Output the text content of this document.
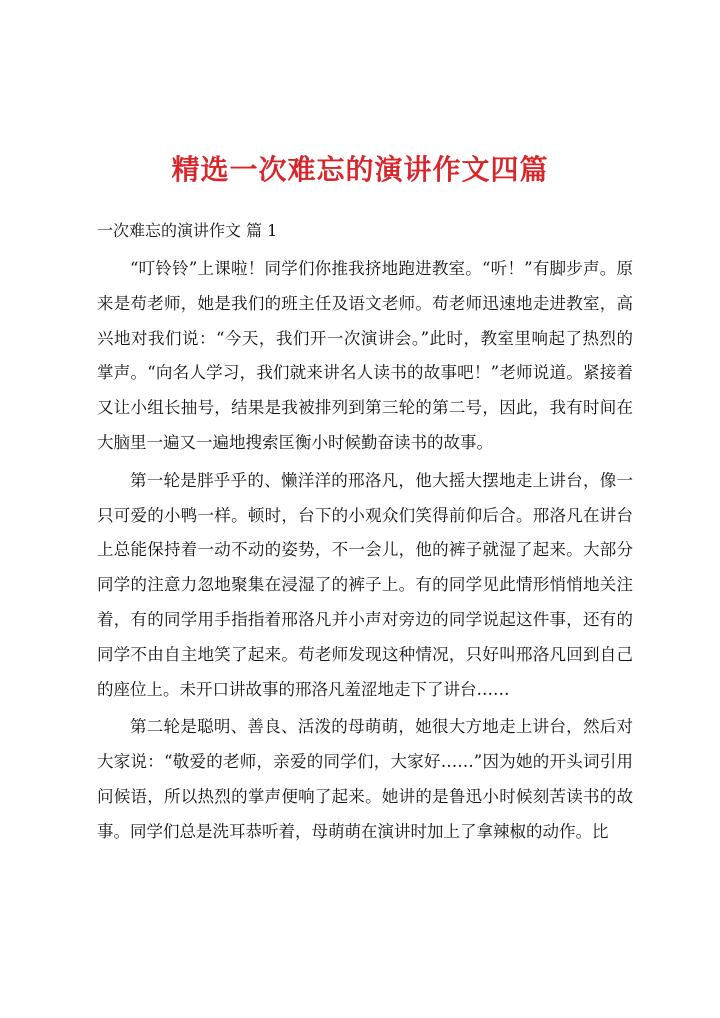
精选一次难忘的演讲作文四篇
一次难忘的演讲作文 篇 1

“叮铃铃”上课啦！同学们你推我挤地跑进教室。“听！”有脚步声。原来是苟老师，她是我们的班主任及语文老师。苟老师迅速地走进教室，高兴地对我们说：“今天，我们开一次演讲会。”此时，教室里响起了热烈的掌声。“向名人学习，我们就来讲名人读书的故事吧！”老师说道。紧接着又让小组长抽号，结果是我被排列到第三轮的第二号，因此，我有时间在大脑里一遍又一遍地搜索匡衡小时候勤奋读书的故事。

第一轮是胖乎乎的、懒洋洋的邢洛凡，他大摇大摆地走上讲台，像一只可爱的小鸭一样。顿时，台下的小观众们笑得前仰后合。邢洛凡在讲台上总能保持着一动不动的姿势，不一会儿，他的裤子就湿了起来。大部分同学的注意力忽地聚集在浸湿了的裤子上。有的同学见此情形悄悄地关注着，有的同学用手指指着邢洛凡并小声对旁边的同学说起这件事，还有的同学不由自主地笑了起来。苟老师发现这种情况，只好叫邢洛凡回到自己的座位上。未开口讲故事的邢洛凡羞涩地走下了讲台……

第二轮是聪明、善良、活泼的母萌萌，她很大方地走上讲台，然后对大家说：“敬爱的老师，亲爱的同学们，大家好……”因为她的开头词引用问候语，所以热烈的掌声便响了起来。她讲的是鲁迅小时候刻苦读书的故事。同学们总是洗耳恭听着，母萌萌在演讲时加上了拿辣椒的动作。比
